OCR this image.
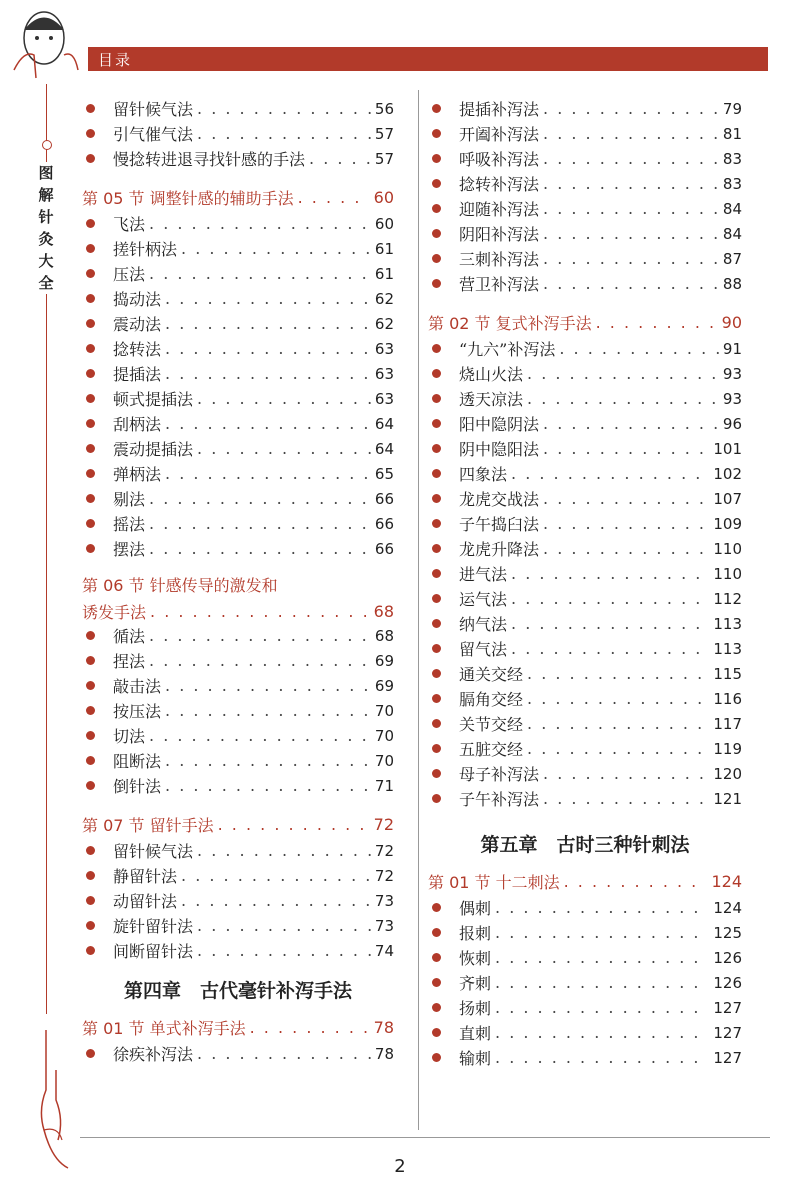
目录
图解针灸大全
留针候气法 . . .	56
引气催气法 . . .	57
慢捻转进退寻找针感的手法 . . .	57
第 05 节 调整针感的辅助手法 . . .	60
飞法 . . .	60
搓针柄法 . . .	61
压法 . . .	61
捣动法 . . .	62
震动法 . . .	62
捻转法 . . .	63
提插法 . . .	63
顿式提插法 . . .	63
刮柄法 . . .	64
震动提插法 . . .	64
弹柄法 . . .	65
剔法 . . .	66
摇法 . . .	66
摆法 . . .	66
第 06 节 针感传导的激发和
诱发手法 . . .	68
循法 . . .	68
捏法 . . .	69
敲击法 . . .	69
按压法 . . .	70
切法 . . .	70
阻断法 . . .	70
倒针法 . . .	71
第 07 节 留针手法 . . .	72
留针候气法 . . .	72
静留针法 . . .	72
动留针法 . . .	73
旋针留针法 . . .	73
间断留针法 . . .	74
第四章　古代毫针补泻手法
第 01 节 单式补泻手法 . . .	78
徐疾补泻法 . . .	78
提插补泻法 . . .	79
开阖补泻法 . . .	81
呼吸补泻法 . . .	83
捻转补泻法 . . .	83
迎随补泻法 . . .	84
阴阳补泻法 . . .	84
三刺补泻法 . . .	87
营卫补泻法 . . .	88
第 02 节 复式补泻手法 . . .	90
“九六”补泻法 . . .	91
烧山火法 . . .	93
透天凉法 . . .	93
阳中隐阴法 . . .	96
阴中隐阳法 . . .	101
四象法 . . .	102
龙虎交战法 . . .	107
子午捣臼法 . . .	109
龙虎升降法 . . .	110
进气法 . . .	110
运气法 . . .	112
纳气法 . . .	113
留气法 . . .	113
通关交经 . . .	115
膈角交经 . . .	116
关节交经 . . .	117
五脏交经 . . .	119
母子补泻法 . . .	120
子午补泻法 . . .	121
第五章　古时三种针刺法
第 01 节 十二刺法 . . .	124
偶刺 . . .	124
报刺 . . .	125
恢刺 . . .	126
齐刺 . . .	126
扬刺 . . .	127
直刺 . . .	127
输刺 . . .	127
2
